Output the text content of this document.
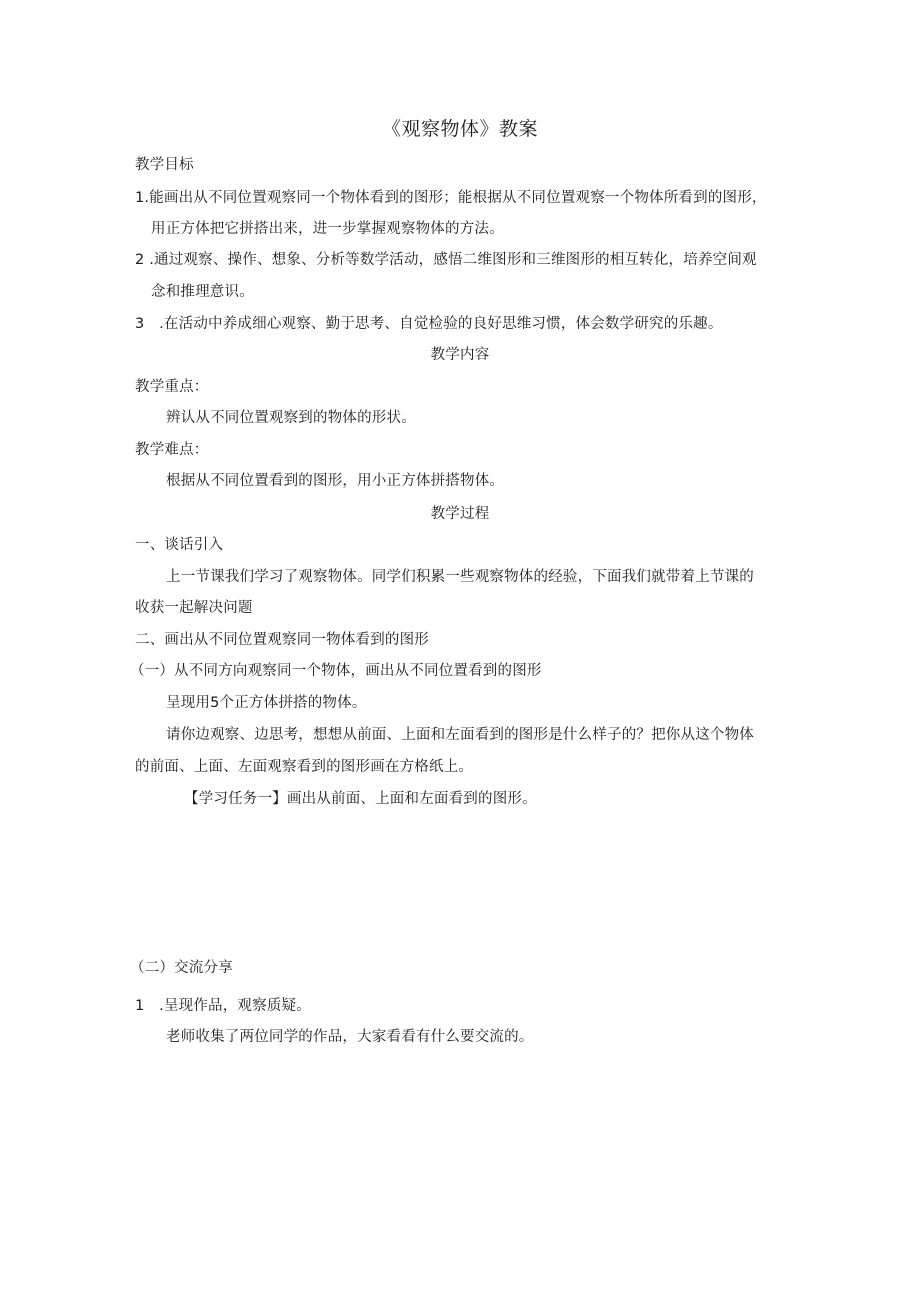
《观察物体》教案
教学目标
1.能画出从不同位置观察同一个物体看到的图形；能根据从不同位置观察一个物体所看到的图形，
用正方体把它拼搭出来，进一步掌握观察物体的方法。
2 .通过观察、操作、想象、分析等数学活动，感悟二维图形和三维图形的相互转化，培养空间观
念和推理意识。
3　.在活动中养成细心观察、勤于思考、自觉检验的良好思维习惯，体会数学研究的乐趣。
教学内容
教学重点：
辨认从不同位置观察到的物体的形状。
教学难点：
根据从不同位置看到的图形，用小正方体拼搭物体。
教学过程
一、谈话引入
上一节课我们学习了观察物体。同学们积累一些观察物体的经验，下面我们就带着上节课的
收获一起解决问题
二、画出从不同位置观察同一物体看到的图形
（一）从不同方向观察同一个物体，画出从不同位置看到的图形
呈现用5个正方体拼搭的物体。
请你边观察、边思考，想想从前面、上面和左面看到的图形是什么样子的？把你从这个物体
的前面、上面、左面观察看到的图形画在方格纸上。
【学习任务一】画出从前面、上面和左面看到的图形。
（二）交流分享
1　.呈现作品，观察质疑。
老师收集了两位同学的作品，大家看看有什么要交流的。
